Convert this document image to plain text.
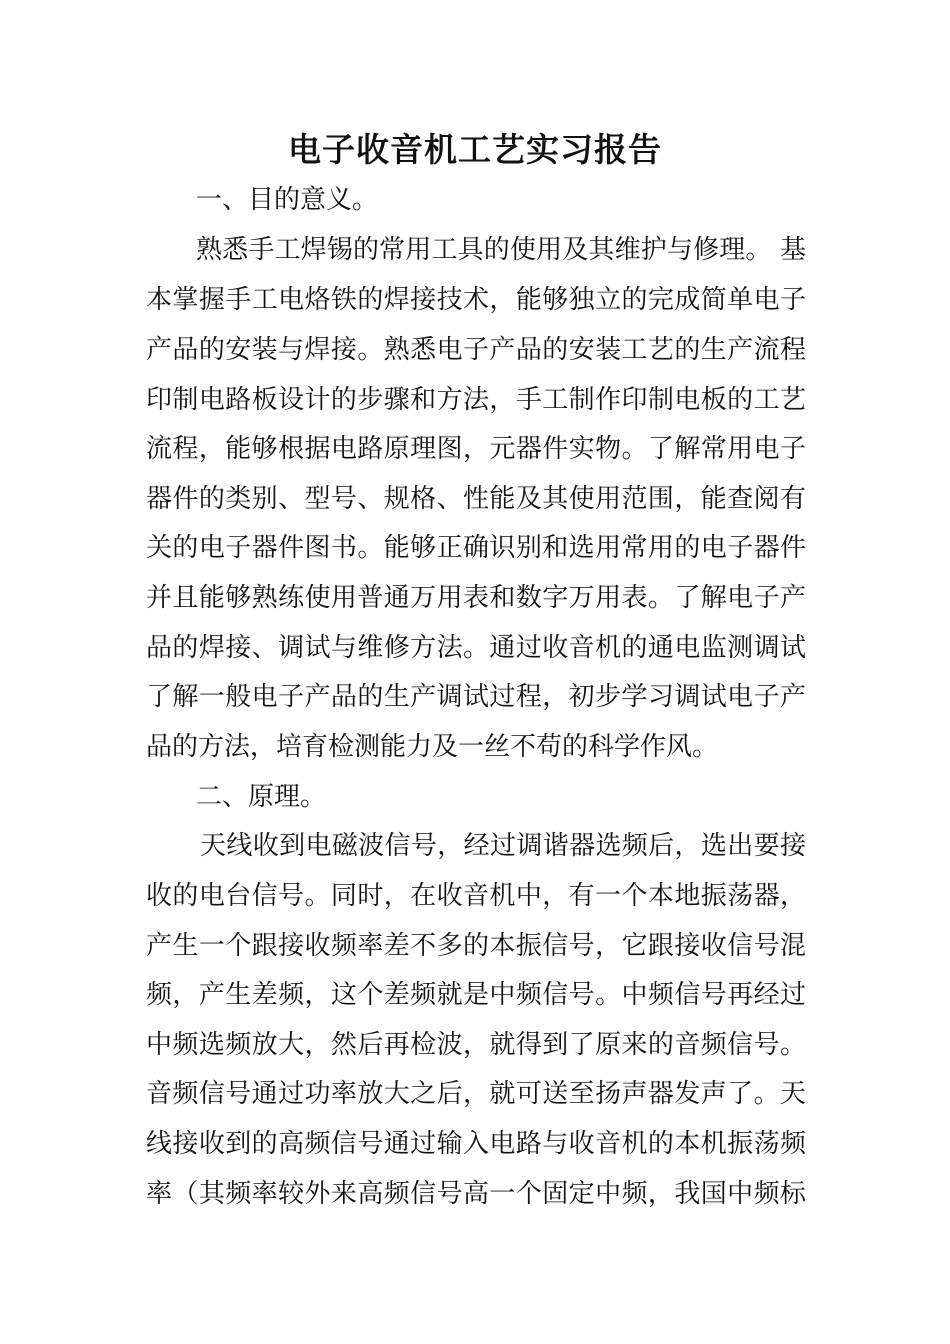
电子收音机工艺实习报告
一、目的意义。
熟悉手工焊锡的常用工具的使用及其维护与修理。 基
本掌握手工电烙铁的焊接技术，能够独立的完成简单电子
产品的安装与焊接。熟悉电子产品的安装工艺的生产流程
印制电路板设计的步骤和方法，手工制作印制电板的工艺
流程，能够根据电路原理图，元器件实物。了解常用电子
器件的类别、型号、规格、性能及其使用范围，能查阅有
关的电子器件图书。能够正确识别和选用常用的电子器件
并且能够熟练使用普通万用表和数字万用表。了解电子产
品的焊接、调试与维修方法。通过收音机的通电监测调试
了解一般电子产品的生产调试过程，初步学习调试电子产
品的方法，培育检测能力及一丝不苟的科学作风。
二、原理。
天线收到电磁波信号，经过调谐器选频后，选出要接
收的电台信号。同时，在收音机中，有一个本地振荡器，
产生一个跟接收频率差不多的本振信号，它跟接收信号混
频，产生差频，这个差频就是中频信号。中频信号再经过
中频选频放大，然后再检波，就得到了原来的音频信号。
音频信号通过功率放大之后，就可送至扬声器发声了。天
线接收到的高频信号通过输入电路与收音机的本机振荡频
率（其频率较外来高频信号高一个固定中频，我国中频标
